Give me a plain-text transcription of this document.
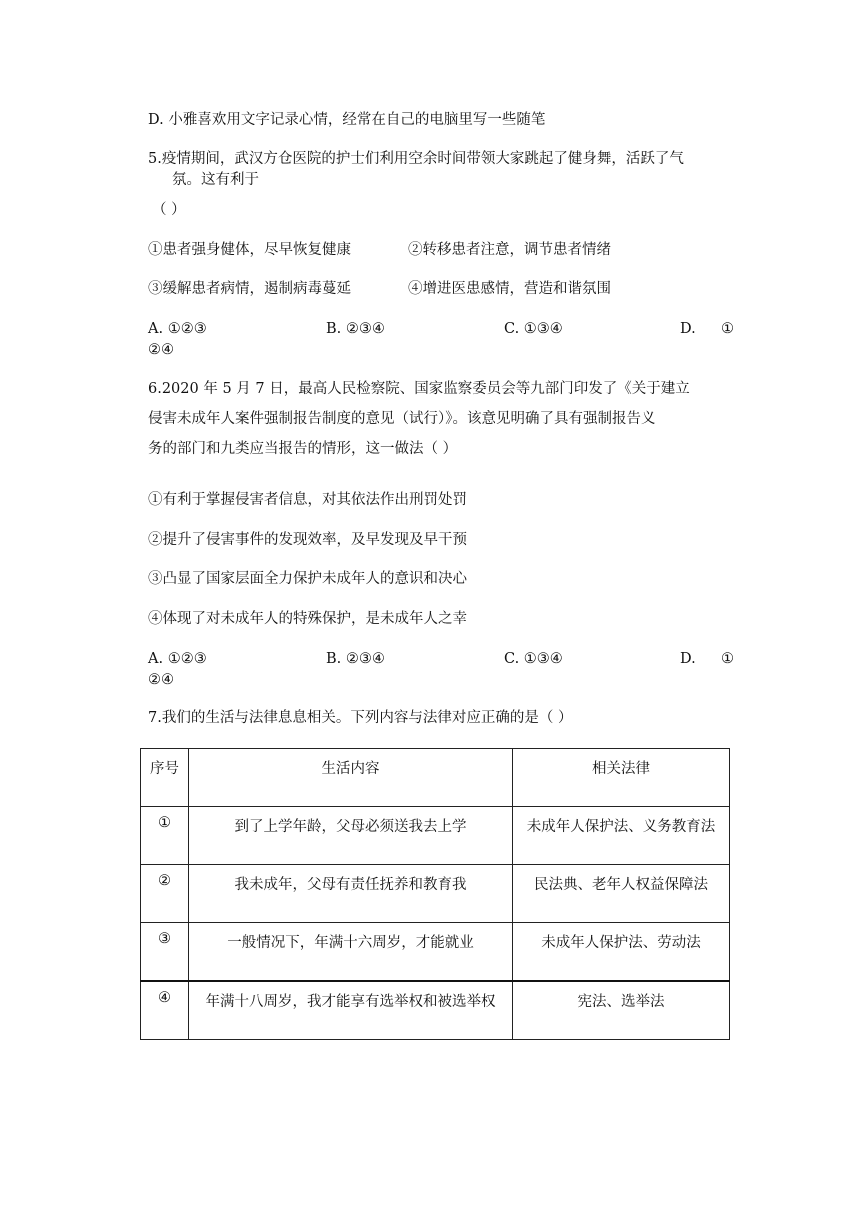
D. 小雅喜欢用文字记录心情，经常在自己的电脑里写一些随笔
5.疫情期间，武汉方仓医院的护士们利用空余时间带领大家跳起了健身舞，活跃了气
氛。这有利于
（ ）
①患者强身健体，尽早恢复健康	②转移患者注意，调节患者情绪
③缓解患者病情，遏制病毒蔓延	④增进医患感情，营造和谐氛围
A. ①②③	B. ②③④	C. ①③④	D. ①
②④
6.2020 年 5 月 7 日，最高人民检察院、国家监察委员会等九部门印发了《关于建立
侵害未成年人案件强制报告制度的意见（试行）》。该意见明确了具有强制报告义
务的部门和九类应当报告的情形，这一做法（ ）
①有利于掌握侵害者信息，对其依法作出刑罚处罚
②提升了侵害事件的发现效率，及早发现及早干预
③凸显了国家层面全力保护未成年人的意识和决心
④体现了对未成年人的特殊保护，是未成年人之幸
A. ①②③	B. ②③④	C. ①③④	D. ①
②④
7.我们的生活与法律息息相关。下列内容与法律对应正确的是（ ）
序号	生活内容	相关法律
①	到了上学年龄，父母必须送我去上学	未成年人保护法、义务教育法
②	我未成年，父母有责任抚养和教育我	民法典、老年人权益保障法
③	一般情况下，年满十六周岁，才能就业	未成年人保护法、劳动法
④	年满十八周岁，我才能享有选举权和被选举权	宪法、选举法
